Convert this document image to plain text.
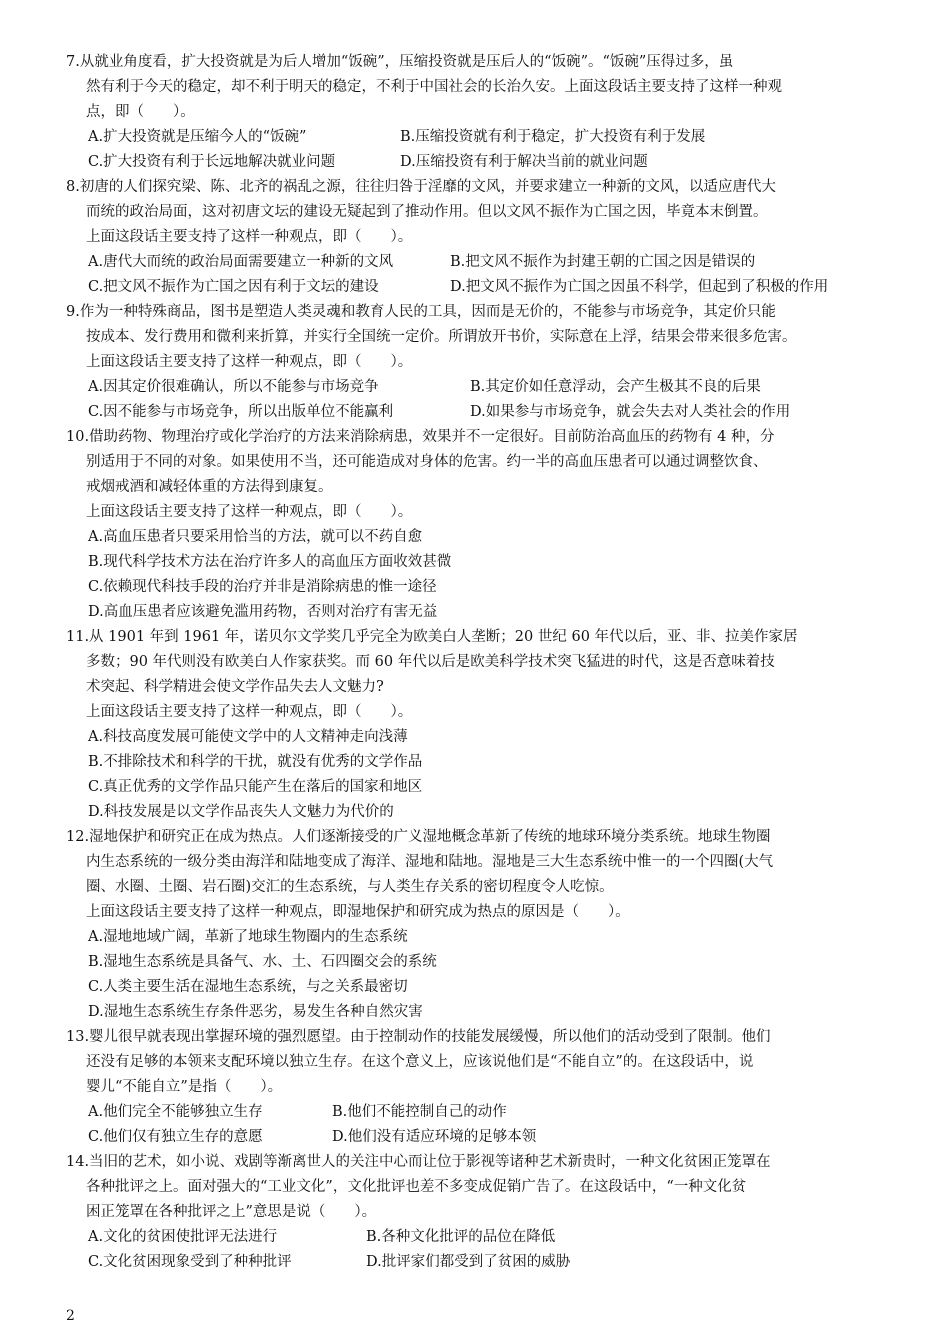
7.从就业角度看，扩大投资就是为后人增加“饭碗”，压缩投资就是压后人的“饭碗”。“饭碗”压得过多，虽
然有利于今天的稳定，却不利于明天的稳定，不利于中国社会的长治久安。上面这段话主要支持了这样一种观
点，即（　　）。
A.扩大投资就是压缩今人的“饭碗”	B.压缩投资就有利于稳定，扩大投资有利于发展
C.扩大投资有利于长远地解决就业问题	D.压缩投资有利于解决当前的就业问题
8.初唐的人们探究梁、陈、北齐的祸乱之源，往往归咎于淫靡的文风，并要求建立一种新的文风，以适应唐代大
而统的政治局面，这对初唐文坛的建设无疑起到了推动作用。但以文风不振作为亡国之因，毕竟本末倒置。
上面这段话主要支持了这样一种观点，即（　　）。
A.唐代大而统的政治局面需要建立一种新的文风	B.把文风不振作为封建王朝的亡国之因是错误的
C.把文风不振作为亡国之因有利于文坛的建设	D.把文风不振作为亡国之因虽不科学，但起到了积极的作用
9.作为一种特殊商品，图书是塑造人类灵魂和教育人民的工具，因而是无价的，不能参与市场竞争，其定价只能
按成本、发行费用和微利来折算，并实行全国统一定价。所谓放开书价，实际意在上浮，结果会带来很多危害。
上面这段话主要支持了这样一种观点，即（　　）。
A.因其定价很难确认，所以不能参与市场竞争	B.其定价如任意浮动，会产生极其不良的后果
C.因不能参与市场竞争，所以出版单位不能赢利	D.如果参与市场竞争，就会失去对人类社会的作用
10.借助药物、物理治疗或化学治疗的方法来消除病患，效果并不一定很好。目前防治高血压的药物有 4 种，分
别适用于不同的对象。如果使用不当，还可能造成对身体的危害。约一半的高血压患者可以通过调整饮食、
戒烟戒酒和减轻体重的方法得到康复。
上面这段话主要支持了这样一种观点，即（　　）。
A.高血压患者只要采用恰当的方法，就可以不药自愈
B.现代科学技术方法在治疗许多人的高血压方面收效甚微
C.依赖现代科技手段的治疗并非是消除病患的惟一途径
D.高血压患者应该避免滥用药物，否则对治疗有害无益
11.从 1901 年到 1961 年，诺贝尔文学奖几乎完全为欧美白人垄断；20 世纪 60 年代以后，亚、非、拉美作家居
多数；90 年代则没有欧美白人作家获奖。而 60 年代以后是欧美科学技术突飞猛进的时代，这是否意味着技
术突起、科学精进会使文学作品失去人文魅力?
上面这段话主要支持了这样一种观点，即（　　）。
A.科技高度发展可能使文学中的人文精神走向浅薄
B.不排除技术和科学的干扰，就没有优秀的文学作品
C.真正优秀的文学作品只能产生在落后的国家和地区
D.科技发展是以文学作品丧失人文魅力为代价的
12.湿地保护和研究正在成为热点。人们逐渐接受的广义湿地概念革新了传统的地球环境分类系统。地球生物圈
内生态系统的一级分类由海洋和陆地变成了海洋、湿地和陆地。湿地是三大生态系统中惟一的一个四圈(大气
圈、水圈、土圈、岩石圈)交汇的生态系统，与人类生存关系的密切程度令人吃惊。
上面这段话主要支持了这样一种观点，即湿地保护和研究成为热点的原因是（　　）。
A.湿地地域广阔，革新了地球生物圈内的生态系统
B.湿地生态系统是具备气、水、土、石四圈交会的系统
C.人类主要生活在湿地生态系统，与之关系最密切
D.湿地生态系统生存条件恶劣，易发生各种自然灾害
13.婴儿很早就表现出掌握环境的强烈愿望。由于控制动作的技能发展缓慢，所以他们的活动受到了限制。他们
还没有足够的本领来支配环境以独立生存。在这个意义上，应该说他们是“不能自立”的。在这段话中，说
婴儿“不能自立”是指（　　）。
A.他们完全不能够独立生存	B.他们不能控制自己的动作
C.他们仅有独立生存的意愿	D.他们没有适应环境的足够本领
14.当旧的艺术，如小说、戏剧等渐离世人的关注中心而让位于影视等诸种艺术新贵时，一种文化贫困正笼罩在
各种批评之上。面对强大的“工业文化”，文化批评也差不多变成促销广告了。在这段话中，“一种文化贫
困正笼罩在各种批评之上”意思是说（　　）。
A.文化的贫困使批评无法进行	B.各种文化批评的品位在降低
C.文化贫困现象受到了种种批评	D.批评家们都受到了贫困的威胁
2
